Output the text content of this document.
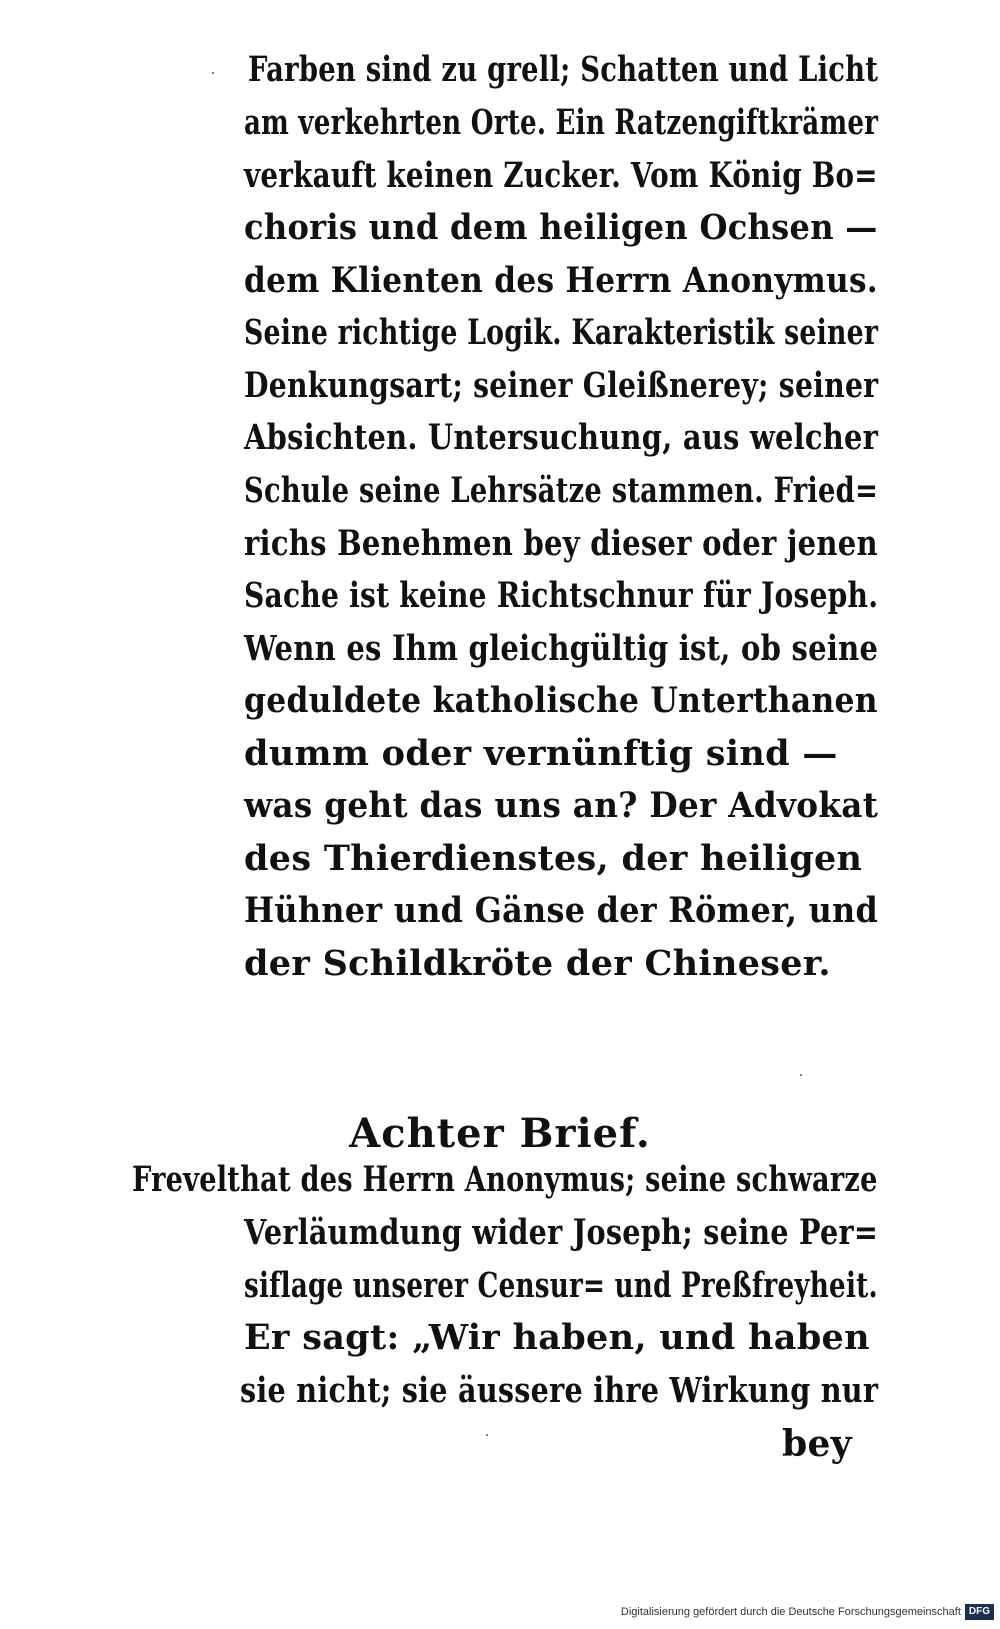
Farben sind zu grell; Schatten und Licht
am verkehrten Orte. Ein Ratzengiftkrämer
verkauft keinen Zucker. Vom König Bo=
choris und dem heiligen Ochsen —
dem Klienten des Herrn Anonymus.
Seine richtige Logik. Karakteristik seiner
Denkungsart; seiner Gleißnerey; seiner
Absichten. Untersuchung, aus welcher
Schule seine Lehrsätze stammen. Fried=
richs Benehmen bey dieser oder jenen
Sache ist keine Richtschnur für Joseph.
Wenn es Ihm gleichgültig ist, ob seine
geduldete katholische Unterthanen
dumm oder vernünftig sind —
was geht das uns an? Der Advokat
des Thierdienstes, der heiligen
Hühner und Gänse der Römer, und
der Schildkröte der Chineser.
Achter Brief.
Frevelthat des Herrn Anonymus; seine schwarze
Verläumdung wider Joseph; seine Per=
siflage unserer Censur= und Preßfreyheit.
Er sagt: „Wir haben, und haben
sie nicht; sie äussere ihre Wirkung nur
bey
Digitalisierung gefördert durch die Deutsche Forschungsgemeinschaft DFG
